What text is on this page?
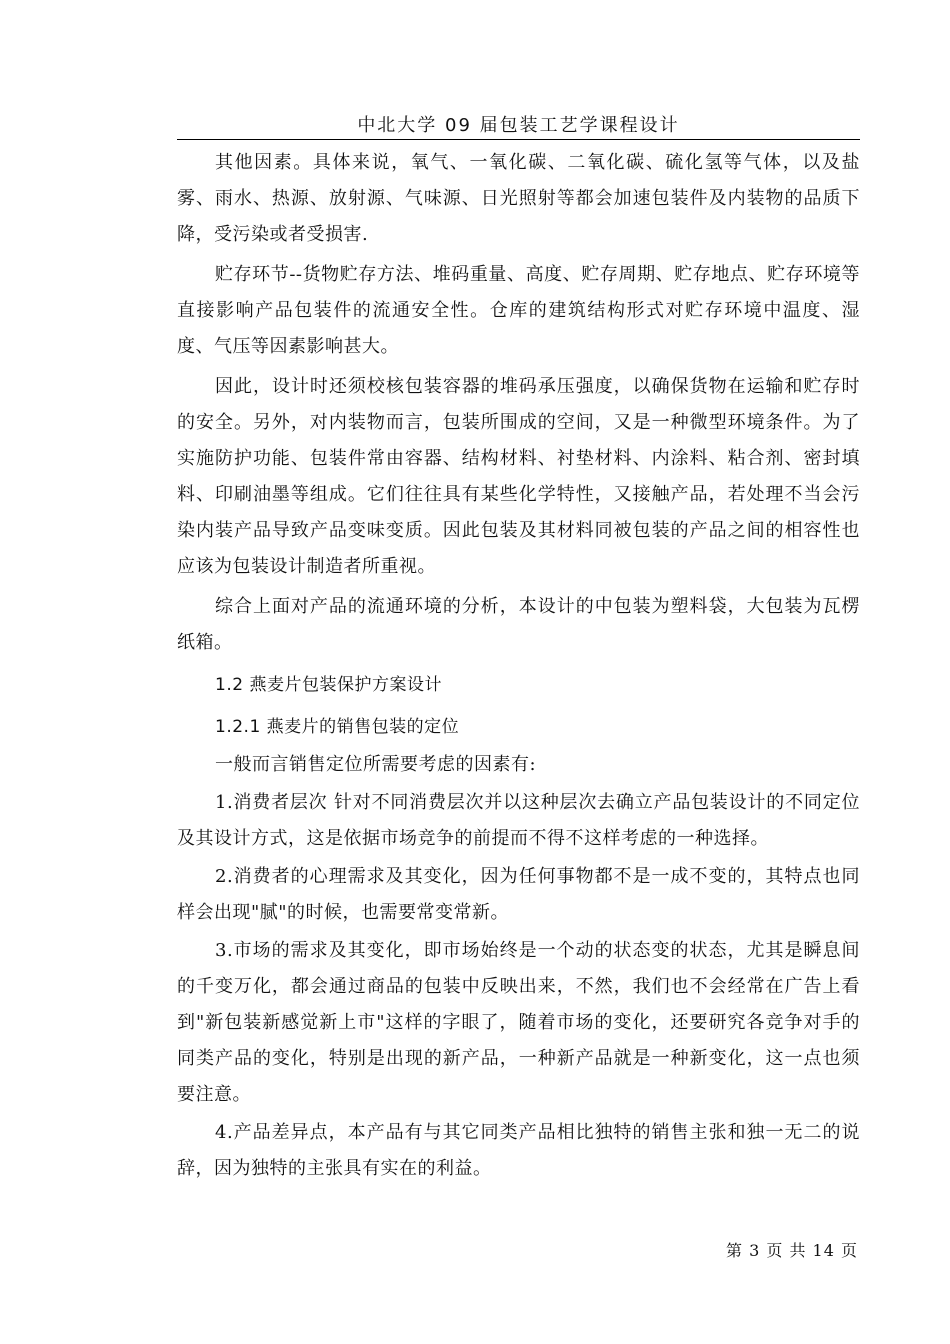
中北大学 09 届包装工艺学课程设计

其他因素。具体来说，氧气、一氧化碳、二氧化碳、硫化氢等气体，以及盐雾、雨水、热源、放射源、气味源、日光照射等都会加速包装件及内装物的品质下降，受污染或者受损害.

贮存环节--货物贮存方法、堆码重量、高度、贮存周期、贮存地点、贮存环境等直接影响产品包装件的流通安全性。仓库的建筑结构形式对贮存环境中温度、湿度、气压等因素影响甚大。

因此，设计时还须校核包装容器的堆码承压强度，以确保货物在运输和贮存时的安全。另外，对内装物而言，包装所围成的空间，又是一种微型环境条件。为了实施防护功能、包装件常由容器、结构材料、衬垫材料、内涂料、粘合剂、密封填料、印刷油墨等组成。它们往往具有某些化学特性，又接触产品，若处理不当会污染内装产品导致产品变味变质。因此包装及其材料同被包装的产品之间的相容性也应该为包装设计制造者所重视。

综合上面对产品的流通环境的分析，本设计的中包装为塑料袋，大包装为瓦楞纸箱。

1.2 燕麦片包装保护方案设计

1.2.1 燕麦片的销售包装的定位

一般而言销售定位所需要考虑的因素有:

1.消费者层次 针对不同消费层次并以这种层次去确立产品包装设计的不同定位及其设计方式，这是依据市场竞争的前提而不得不这样考虑的一种选择。

2.消费者的心理需求及其变化，因为任何事物都不是一成不变的，其特点也同样会出现"腻"的时候，也需要常变常新。

3.市场的需求及其变化，即市场始终是一个动的状态变的状态，尤其是瞬息间的千变万化，都会通过商品的包装中反映出来，不然，我们也不会经常在广告上看到"新包装新感觉新上市"这样的字眼了，随着市场的变化，还要研究各竞争对手的同类产品的变化，特别是出现的新产品，一种新产品就是一种新变化，这一点也须要注意。

4.产品差异点，本产品有与其它同类产品相比独特的销售主张和独一无二的说辞，因为独特的主张具有实在的利益。

第 3 页 共 14 页
